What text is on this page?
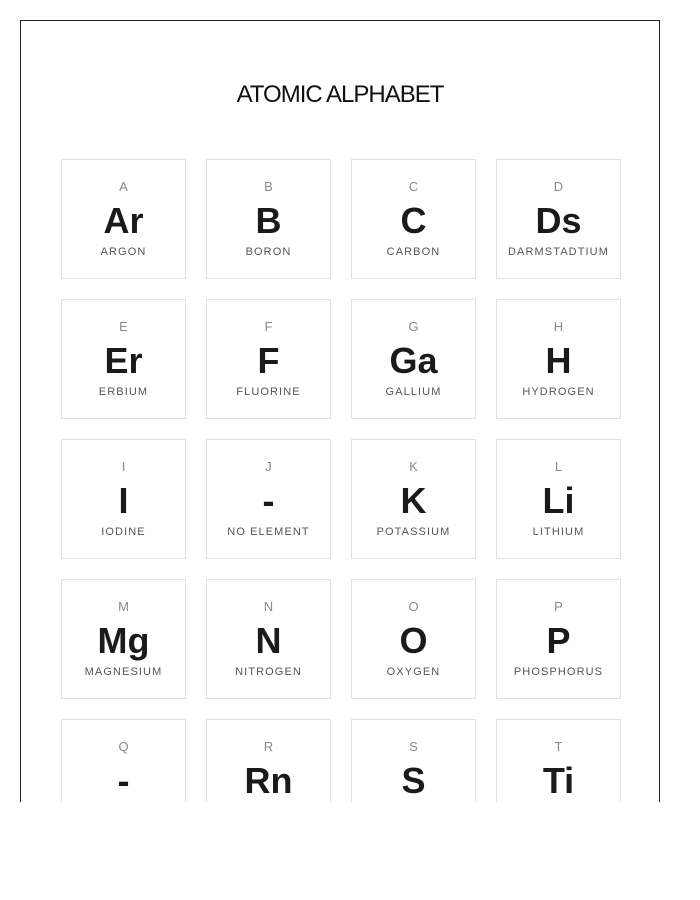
ATOMIC ALPHABET
A
Ar
ARGON
B
B
BORON
C
C
CARBON
D
Ds
DARMSTADTIUM
E
Er
ERBIUM
F
F
FLUORINE
G
Ga
GALLIUM
H
H
HYDROGEN
I
I
IODINE
J
-
NO ELEMENT
K
K
POTASSIUM
L
Li
LITHIUM
M
Mg
MAGNESIUM
N
N
NITROGEN
O
O
OXYGEN
P
P
PHOSPHORUS
Q
-
R
Rn
S
S
T
Ti
